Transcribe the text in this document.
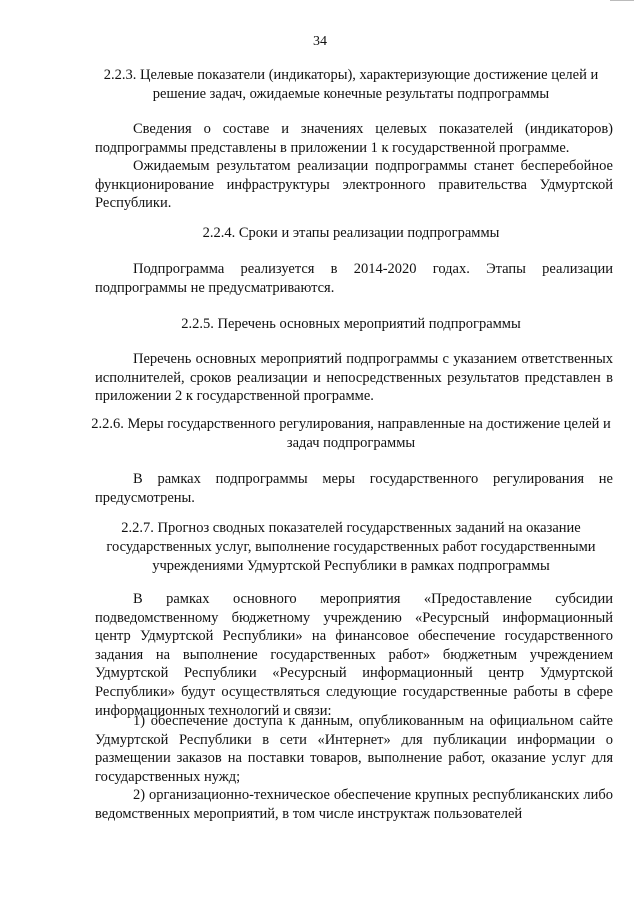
34
2.2.3. Целевые показатели (индикаторы), характеризующие достижение целей и решение задач, ожидаемые конечные результаты подпрограммы
Сведения о составе и значениях целевых показателей (индикаторов) подпрограммы представлены в приложении 1 к государственной программе.
Ожидаемым результатом реализации подпрограммы станет бесперебойное функционирование инфраструктуры электронного правительства Удмуртской Республики.
2.2.4. Сроки и этапы реализации подпрограммы
Подпрограмма реализуется в 2014-2020 годах. Этапы реализации подпрограммы не предусматриваются.
2.2.5. Перечень основных мероприятий подпрограммы
Перечень основных мероприятий подпрограммы с указанием ответственных исполнителей, сроков реализации и непосредственных результатов представлен в приложении 2 к государственной программе.
2.2.6. Меры государственного регулирования, направленные на достижение целей и задач подпрограммы
В рамках подпрограммы меры государственного регулирования не предусмотрены.
2.2.7. Прогноз сводных показателей государственных заданий на оказание государственных услуг, выполнение государственных работ государственными учреждениями Удмуртской Республики в рамках подпрограммы
В рамках основного мероприятия «Предоставление субсидии подведомственному бюджетному учреждению «Ресурсный информационный центр Удмуртской Республики» на финансовое обеспечение государственного задания на выполнение государственных работ» бюджетным учреждением Удмуртской Республики «Ресурсный информационный центр Удмуртской Республики» будут осуществляться следующие государственные работы в сфере информационных технологий и связи:
1) обеспечение доступа к данным, опубликованным на официальном сайте Удмуртской Республики в сети «Интернет» для публикации информации о размещении заказов на поставки товаров, выполнение работ, оказание услуг для государственных нужд;
2) организационно-техническое обеспечение крупных республиканских либо ведомственных мероприятий, в том числе инструктаж пользователей
